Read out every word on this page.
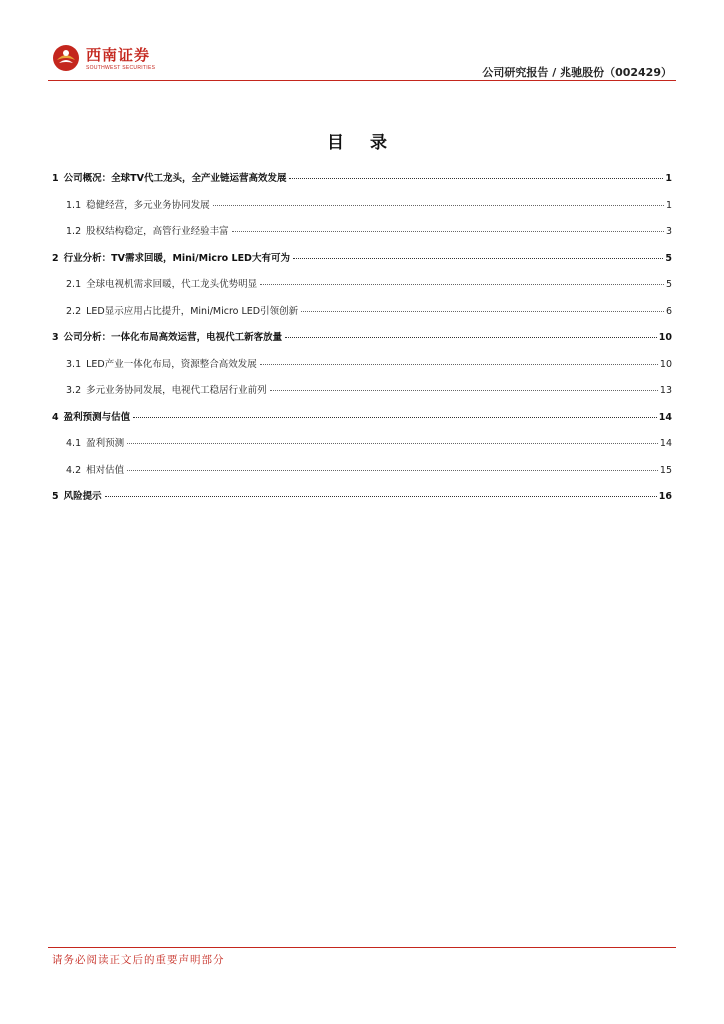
西南证券
SOUTHWEST SECURITIES	公司研究报告 / 兆驰股份（002429）
目 录
1 公司概况：全球TV代工龙头，全产业链运营高效发展	1
1.1 稳健经营，多元业务协同发展	1
1.2 股权结构稳定，高管行业经验丰富	3
2 行业分析：TV需求回暖，Mini/Micro LED大有可为	5
2.1 全球电视机需求回暖，代工龙头优势明显	5
2.2 LED显示应用占比提升，Mini/Micro LED引领创新	6
3 公司分析：一体化布局高效运营，电视代工新客放量	10
3.1 LED产业一体化布局，资源整合高效发展	10
3.2 多元业务协同发展，电视代工稳居行业前列	13
4 盈利预测与估值	14
4.1 盈利预测	14
4.2 相对估值	15
5 风险提示	16
请务必阅读正文后的重要声明部分
